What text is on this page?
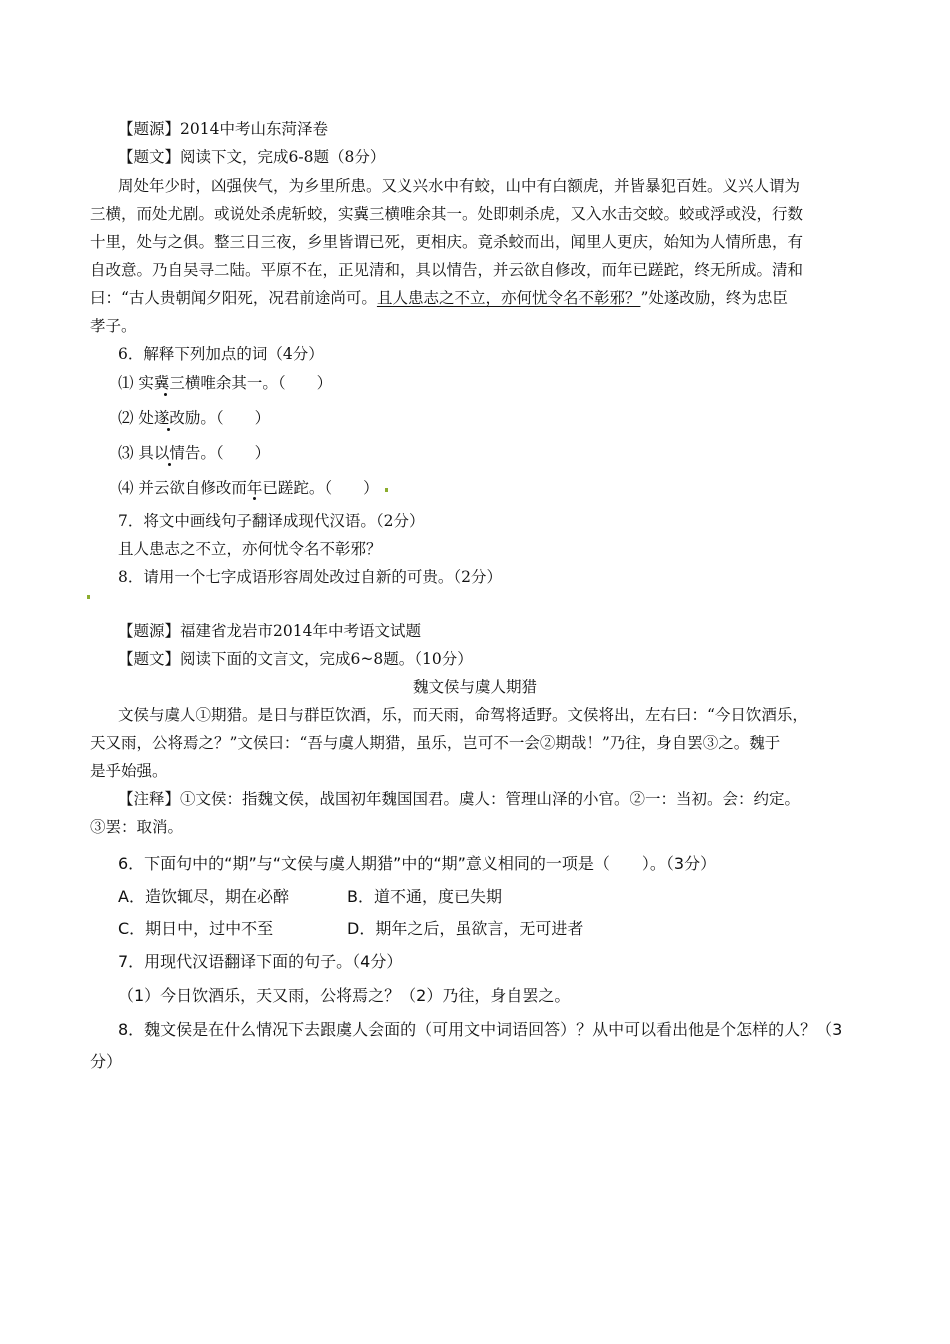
【题源】2014中考山东菏泽卷
【题文】阅读下文，完成6-8题（8分）
周处年少时，凶强侠气，为乡里所患。又义兴水中有蛟，山中有白额虎，并皆暴犯百姓。义兴人谓为
三横，而处尤剧。或说处杀虎斩蛟，实冀三横唯余其一。处即刺杀虎，又入水击交蛟。蛟或浮或没，行数
十里，处与之俱。整三日三夜，乡里皆谓已死，更相庆。竟杀蛟而出，闻里人更庆，始知为人情所患，有
自改意。乃自吴寻二陆。平原不在，正见清和，具以情告，并云欲自修改，而年已蹉跎，终无所成。清和
曰：“古人贵朝闻夕阳死，况君前途尚可。且人患志之不立，亦何忧令名不彰邪？”处遂改励，终为忠臣
孝子。
6．解释下列加点的词（4分）
⑴ 实冀三横唯余其一。（　　）
⑵ 处遂改励。（　　）
⑶ 具以情告。（　　）
⑷ 并云欲自修改而年已蹉跎。（　　）
7．将文中画线句子翻译成现代汉语。（2分）
且人患志之不立，亦何忧令名不彰邪？
8．请用一个七字成语形容周处改过自新的可贵。（2分）
【题源】福建省龙岩市2014年中考语文试题
【题文】阅读下面的文言文，完成6~8题。（10分）
魏文侯与虞人期猎
文侯与虞人①期猎。是日与群臣饮酒，乐，而天雨，命驾将适野。文侯将出，左右曰：“今日饮酒乐，
天又雨，公将焉之？”文侯曰：“吾与虞人期猎，虽乐，岂可不一会②期哉！”乃往，身自罢③之。魏于
是乎始强。
【注释】①文侯：指魏文侯，战国初年魏国国君。虞人：管理山泽的小官。②一：当初。会：约定。
③罢：取消。
6．下面句中的“期”与“文侯与虞人期猎”中的“期”意义相同的一项是（　　）。（3分）
A．造饮辄尽，期在必醉	B．道不通，度已失期
C．期日中，过中不至	D．期年之后，虽欲言，无可进者
7．用现代汉语翻译下面的句子。（4分）
（1）今日饮酒乐，天又雨，公将焉之？（2）乃往，身自罢之。
8．魏文侯是在什么情况下去跟虞人会面的（可用文中词语回答）？从中可以看出他是个怎样的人？（3
分）
